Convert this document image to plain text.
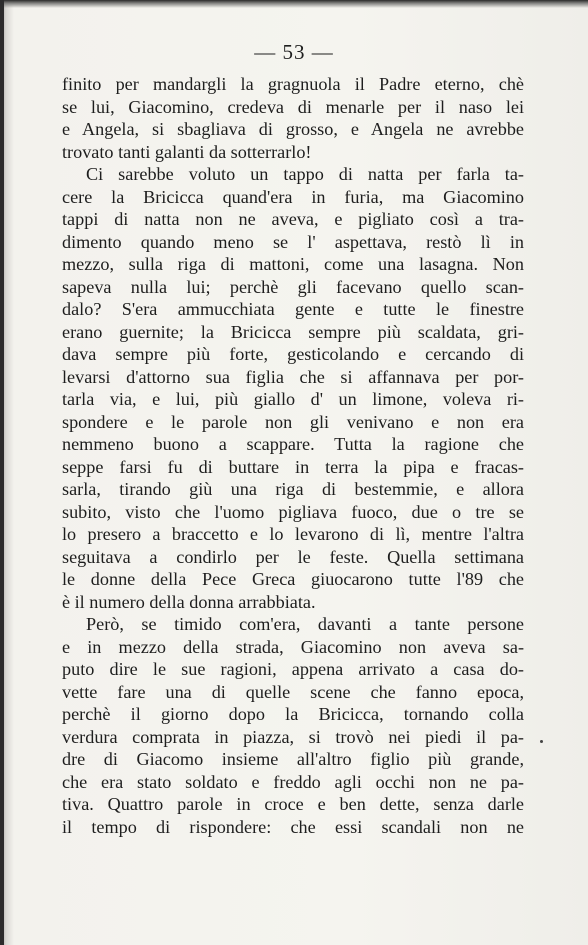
— 53 —
finito per mandargli la gragnuola il Padre eterno, chè
se lui, Giacomino, credeva di menarle per il naso lei
e Angela, si sbagliava di grosso, e Angela ne avrebbe
trovato tanti galanti da sotterrarlo!
Ci sarebbe voluto un tappo di natta per farla ta-
cere la Bricicca quand'era in furia, ma Giacomino
tappi di natta non ne aveva, e pigliato così a tra-
dimento quando meno se l' aspettava, restò lì in
mezzo, sulla riga di mattoni, come una lasagna. Non
sapeva nulla lui; perchè gli facevano quello scan-
dalo? S'era ammucchiata gente e tutte le finestre
erano guernite; la Bricicca sempre più scaldata, gri-
dava sempre più forte, gesticolando e cercando di
levarsi d'attorno sua figlia che si affannava per por-
tarla via, e lui, più giallo d' un limone, voleva ri-
spondere e le parole non gli venivano e non era
nemmeno buono a scappare. Tutta la ragione che
seppe farsi fu di buttare in terra la pipa e fracas-
sarla, tirando giù una riga di bestemmie, e allora
subito, visto che l'uomo pigliava fuoco, due o tre se
lo presero a braccetto e lo levarono di lì, mentre l'altra
seguitava a condirlo per le feste. Quella settimana
le donne della Pece Greca giuocarono tutte l'89 che
è il numero della donna arrabbiata.
Però, se timido com'era, davanti a tante persone
e in mezzo della strada, Giacomino non aveva sa-
puto dire le sue ragioni, appena arrivato a casa do-
vette fare una di quelle scene che fanno epoca,
perchè il giorno dopo la Bricicca, tornando colla
verdura comprata in piazza, si trovò nei piedi il pa-
dre di Giacomo insieme all'altro figlio più grande,
che era stato soldato e freddo agli occhi non ne pa-
tiva. Quattro parole in croce e ben dette, senza darle
il tempo di rispondere: che essi scandali non ne
